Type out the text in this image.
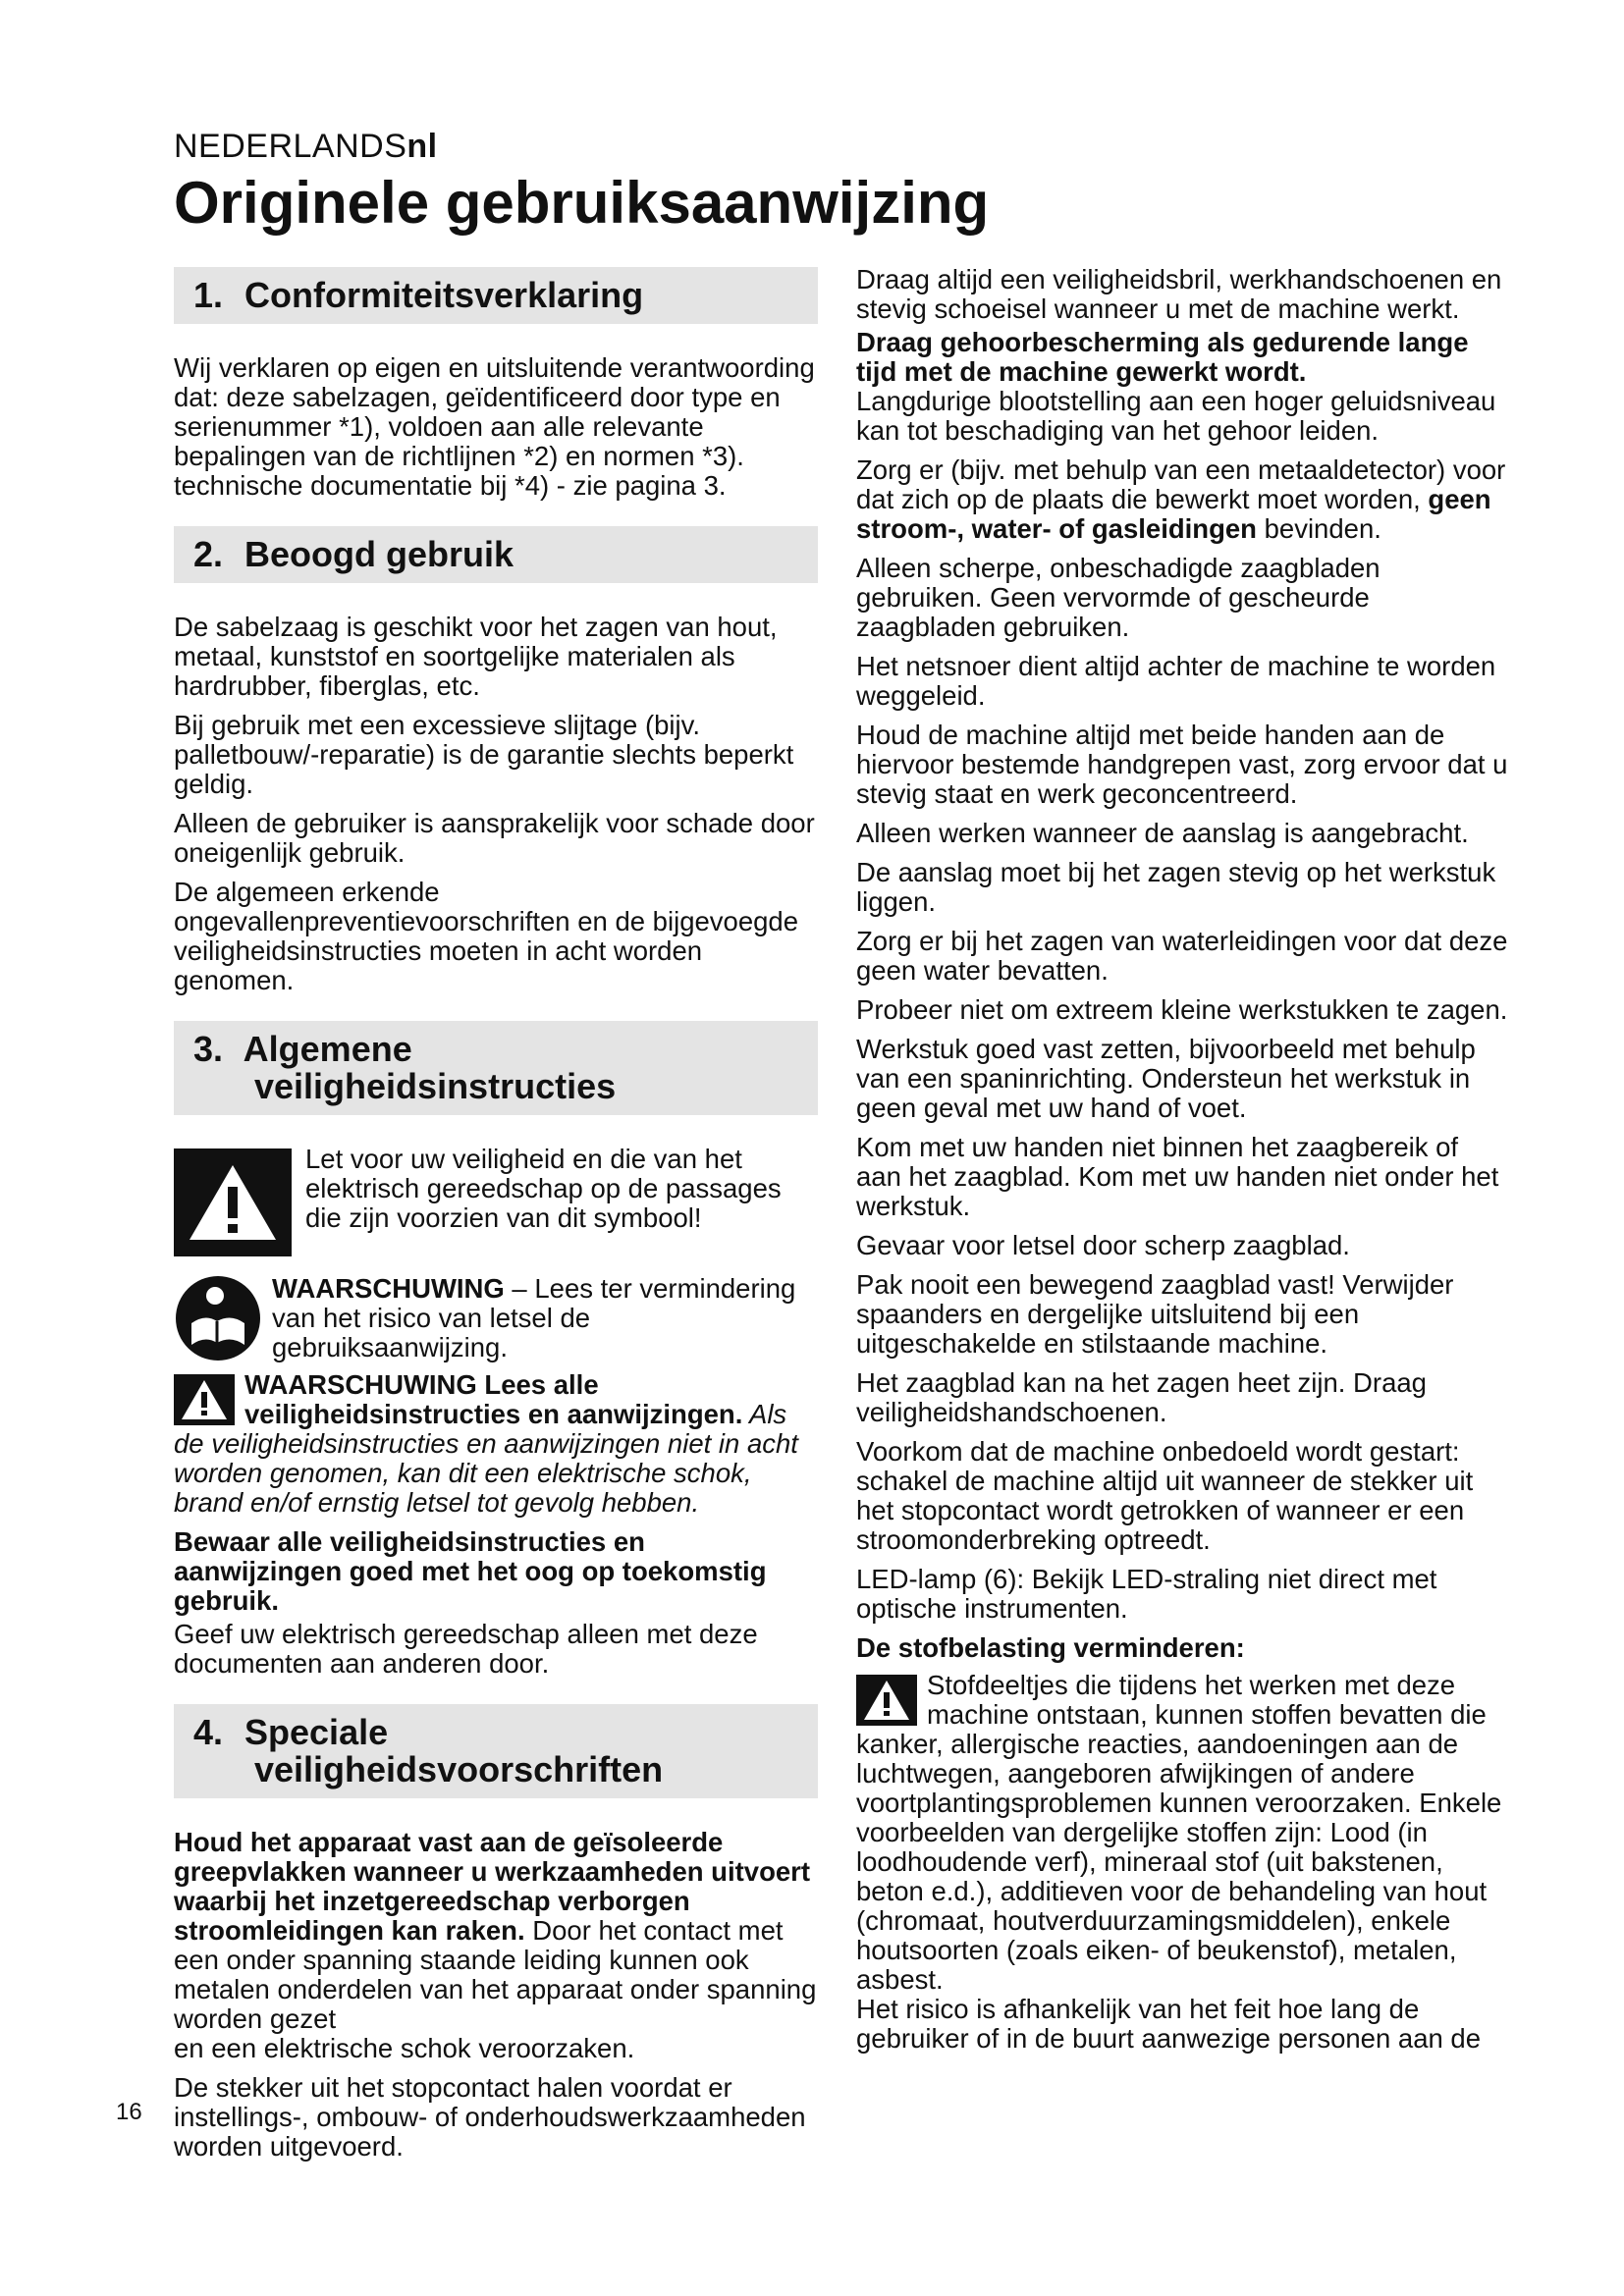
NEDERLANDSnl
Originele gebruiksaanwijzing
1. Conformiteitsverklaring

Wij verklaren op eigen en uitsluitende verantwoording dat: deze sabelzagen, geïdentificeerd door type en serienummer *1), voldoen aan alle relevante bepalingen van de richtlijnen *2) en normen *3). technische documentatie bij *4) - zie pagina 3.

2. Beoogd gebruik

De sabelzaag is geschikt voor het zagen van hout, metaal, kunststof en soortgelijke materialen als hardrubber, fiberglas, etc.

Bij gebruik met een excessieve slijtage (bijv. palletbouw/-reparatie) is de garantie slechts beperkt geldig.

Alleen de gebruiker is aansprakelijk voor schade door oneigenlijk gebruik.

De algemeen erkende ongevallenpreventievoorschriften en de bijgevoegde veiligheidsinstructies moeten in acht worden genomen.

3. Algemene
veiligheidsinstructies
Let voor uw veiligheid en die van het elektrisch gereedschap op de passages die zijn voorzien van dit symbool!
WAARSCHUWING – Lees ter vermindering van het risico van letsel de gebruiksaanwijzing.

WAARSCHUWING Lees alle veiligheidsinstructies en aanwijzingen. Als de veiligheidsinstructies en aanwijzingen niet in acht worden genomen, kan dit een elektrische schok, brand en/of ernstig letsel tot gevolg hebben.

Bewaar alle veiligheidsinstructies en aanwijzingen goed met het oog op toekomstig gebruik.

Geef uw elektrisch gereedschap alleen met deze documenten aan anderen door.

4. Speciale
veiligheidsvoorschriften

Houd het apparaat vast aan de geïsoleerde greepvlakken wanneer u werkzaamheden uitvoert waarbij het inzetgereedschap verborgen stroomleidingen kan raken. Door het contact met een onder spanning staande leiding kunnen ook metalen onderdelen van het apparaat onder spanning worden gezet

en een elektrische schok veroorzaken.

De stekker uit het stopcontact halen voordat er instellings-, ombouw- of onderhoudswerkzaamheden worden uitgevoerd.

Draag altijd een veiligheidsbril, werkhandschoenen en stevig schoeisel wanneer u met de machine werkt.

Draag gehoorbescherming als gedurende lange tijd met de machine gewerkt wordt.

Langdurige blootstelling aan een hoger geluidsniveau kan tot beschadiging van het gehoor leiden.

Zorg er (bijv. met behulp van een metaaldetector) voor dat zich op de plaats die bewerkt moet worden, geen stroom-, water- of gasleidingen bevinden.

Alleen scherpe, onbeschadigde zaagbladen gebruiken. Geen vervormde of gescheurde zaagbladen gebruiken.

Het netsnoer dient altijd achter de machine te worden weggeleid.

Houd de machine altijd met beide handen aan de hiervoor bestemde handgrepen vast, zorg ervoor dat u stevig staat en werk geconcentreerd.

Alleen werken wanneer de aanslag is aangebracht.

De aanslag moet bij het zagen stevig op het werkstuk liggen.

Zorg er bij het zagen van waterleidingen voor dat deze geen water bevatten.

Probeer niet om extreem kleine werkstukken te zagen.

Werkstuk goed vast zetten, bijvoorbeeld met behulp van een spaninrichting. Ondersteun het werkstuk in geen geval met uw hand of voet.

Kom met uw handen niet binnen het zaagbereik of aan het zaagblad. Kom met uw handen niet onder het werkstuk.

Gevaar voor letsel door scherp zaagblad.

Pak nooit een bewegend zaagblad vast! Verwijder spaanders en dergelijke uitsluitend bij een uitgeschakelde en stilstaande machine.

Het zaagblad kan na het zagen heet zijn. Draag veiligheidshandschoenen.

Voorkom dat de machine onbedoeld wordt gestart: schakel de machine altijd uit wanneer de stekker uit het stopcontact wordt getrokken of wanneer er een stroomonderbreking optreedt.

LED-lamp (6): Bekijk LED-straling niet direct met optische instrumenten.

De stofbelasting verminderen:

Stofdeeltjes die tijdens het werken met deze machine ontstaan, kunnen stoffen bevatten die kanker, allergische reacties, aandoeningen aan de luchtwegen, aangeboren afwijkingen of andere voortplantingsproblemen kunnen veroorzaken. Enkele voorbeelden van dergelijke stoffen zijn: Lood (in loodhoudende verf), mineraal stof (uit bakstenen, beton e.d.), additieven voor de behandeling van hout (chromaat, houtverduurzamingsmiddelen), enkele houtsoorten (zoals eiken- of beukenstof), metalen, asbest.

Het risico is afhankelijk van het feit hoe lang de gebruiker of in de buurt aanwezige personen aan de

16
